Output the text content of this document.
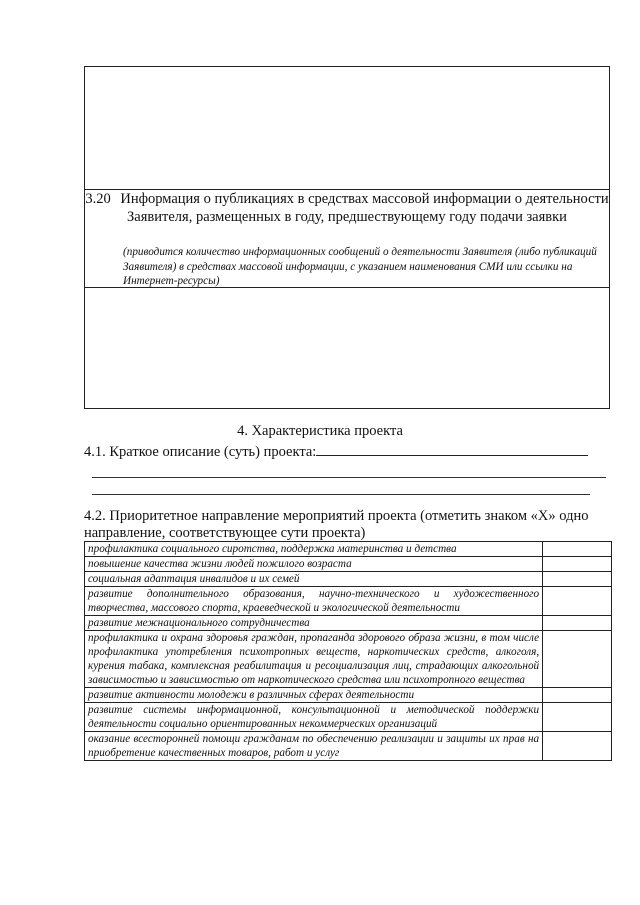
3.20 Информация о публикациях в средствах массовой информации о деятельности Заявителя, размещенных в году, предшествующему году подачи заявки
(приводится количество информационных сообщений о деятельности Заявителя (либо публикаций Заявителя) в средствах массовой информации, с указанием наименования СМИ или ссылки на Интернет-ресурсы)
4. Характеристика проекта
4.1. Краткое описание (суть) проекта:
4.2. Приоритетное направление мероприятий проекта (отметить знаком «Х» одно направление, соответствующее сути проекта)
профилактика социального сиротства, поддержка материнства и детства	
повышение качества жизни людей пожилого возраста	
социальная адаптация инвалидов и их семей	
развитие дополнительного образования, научно-технического и художественного творчества, массового спорта, краеведческой и экологической деятельности	
развитие межнационального сотрудничества	
профилактика и охрана здоровья граждан, пропаганда здорового образа жизни, в том числе профилактика употребления психотропных веществ, наркотических средств, алкоголя, курения табака, комплексная реабилитация и ресоциализация лиц, страдающих алкогольной зависимостью и зависимостью от наркотического средства или психотропного вещества	
развитие активности молодежи в различных сферах деятельности	
развитие системы информационной, консультационной и методической поддержки деятельности социально ориентированных некоммерческих организаций	
оказание всесторонней помощи гражданам по обеспечению реализации и защиты их прав на приобретение качественных товаров, работ и услуг	
